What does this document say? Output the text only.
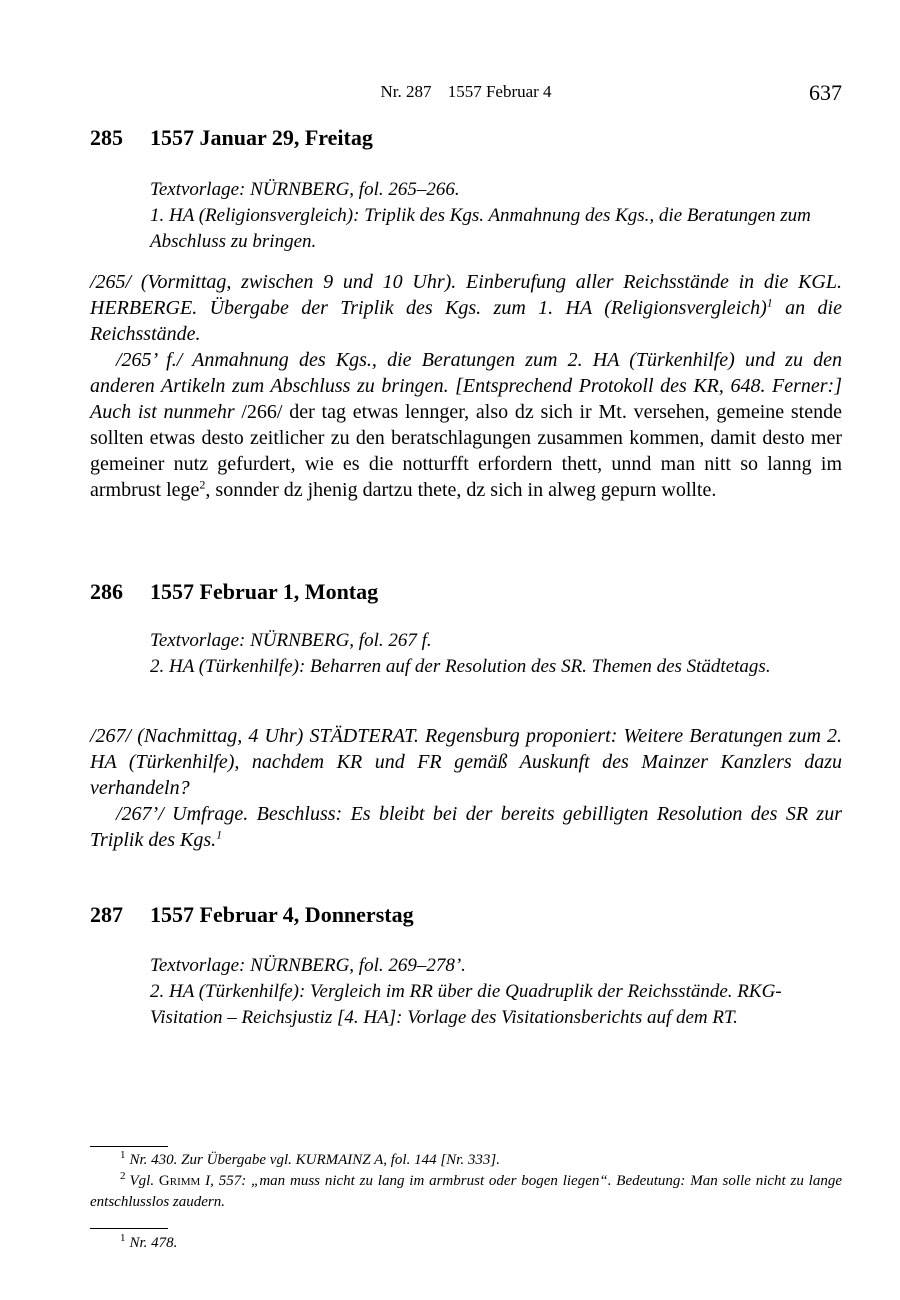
Nr. 287 1557 Februar 4	637
285 1557 Januar 29, Freitag

Textvorlage: NÜRNBERG, fol. 265–266.

1. HA (Religionsvergleich): Triplik des Kgs. Anmahnung des Kgs., die Beratungen zum Abschluss zu bringen.

/265/ (Vormittag, zwischen 9 und 10 Uhr). Einberufung aller Reichsstände in die KGL. HERBERGE. Übergabe der Triplik des Kgs. zum 1. HA (Religionsvergleich)$^1$ an die Reichsstände.

/265’ f./ Anmahnung des Kgs., die Beratungen zum 2. HA (Türkenhilfe) und zu den anderen Artikeln zum Abschluss zu bringen. [Entsprechend Protokoll des KR, 648. Ferner:] Auch ist nunmehr /266/ der tag etwas lennger, also dz sich ir Mt. versehen, gemeine stende sollten etwas desto zeitlicher zu den beratschlagungen zusammen kommen, damit desto mer gemeiner nutz gefurdert, wie es die notturfft erfordern thett, unnd man nitt so lanng im armbrust lege$^2$, sonnder dz jhenig dartzu thete, dz sich in alweg gepurn wollte.

286 1557 Februar 1, Montag

Textvorlage: NÜRNBERG, fol. 267 f.

2. HA (Türkenhilfe): Beharren auf der Resolution des SR. Themen des Städtetags.

/267/ (Nachmittag, 4 Uhr) STÄDTERAT. Regensburg proponiert: Weitere Beratungen zum 2. HA (Türkenhilfe), nachdem KR und FR gemäß Auskunft des Mainzer Kanzlers dazu verhandeln?

/267’/ Umfrage. Beschluss: Es bleibt bei der bereits gebilligten Resolution des SR zur Triplik des Kgs.$^1$

287 1557 Februar 4, Donnerstag

Textvorlage: NÜRNBERG, fol. 269–278’.

2. HA (Türkenhilfe): Vergleich im RR über die Quadruplik der Reichsstände. RKG-Visitation – Reichsjustiz [4. HA]: Vorlage des Visitationsberichts auf dem RT.

$^1$ Nr. 430. Zur Übergabe vgl. KURMAINZ A, fol. 144 [Nr. 333].

$^2$ Vgl. Grimm I, 557: „man muss nicht zu lang im armbrust oder bogen liegen“. Bedeutung: Man solle nicht zu lange entschlusslos zaudern.

$^1$ Nr. 478.
